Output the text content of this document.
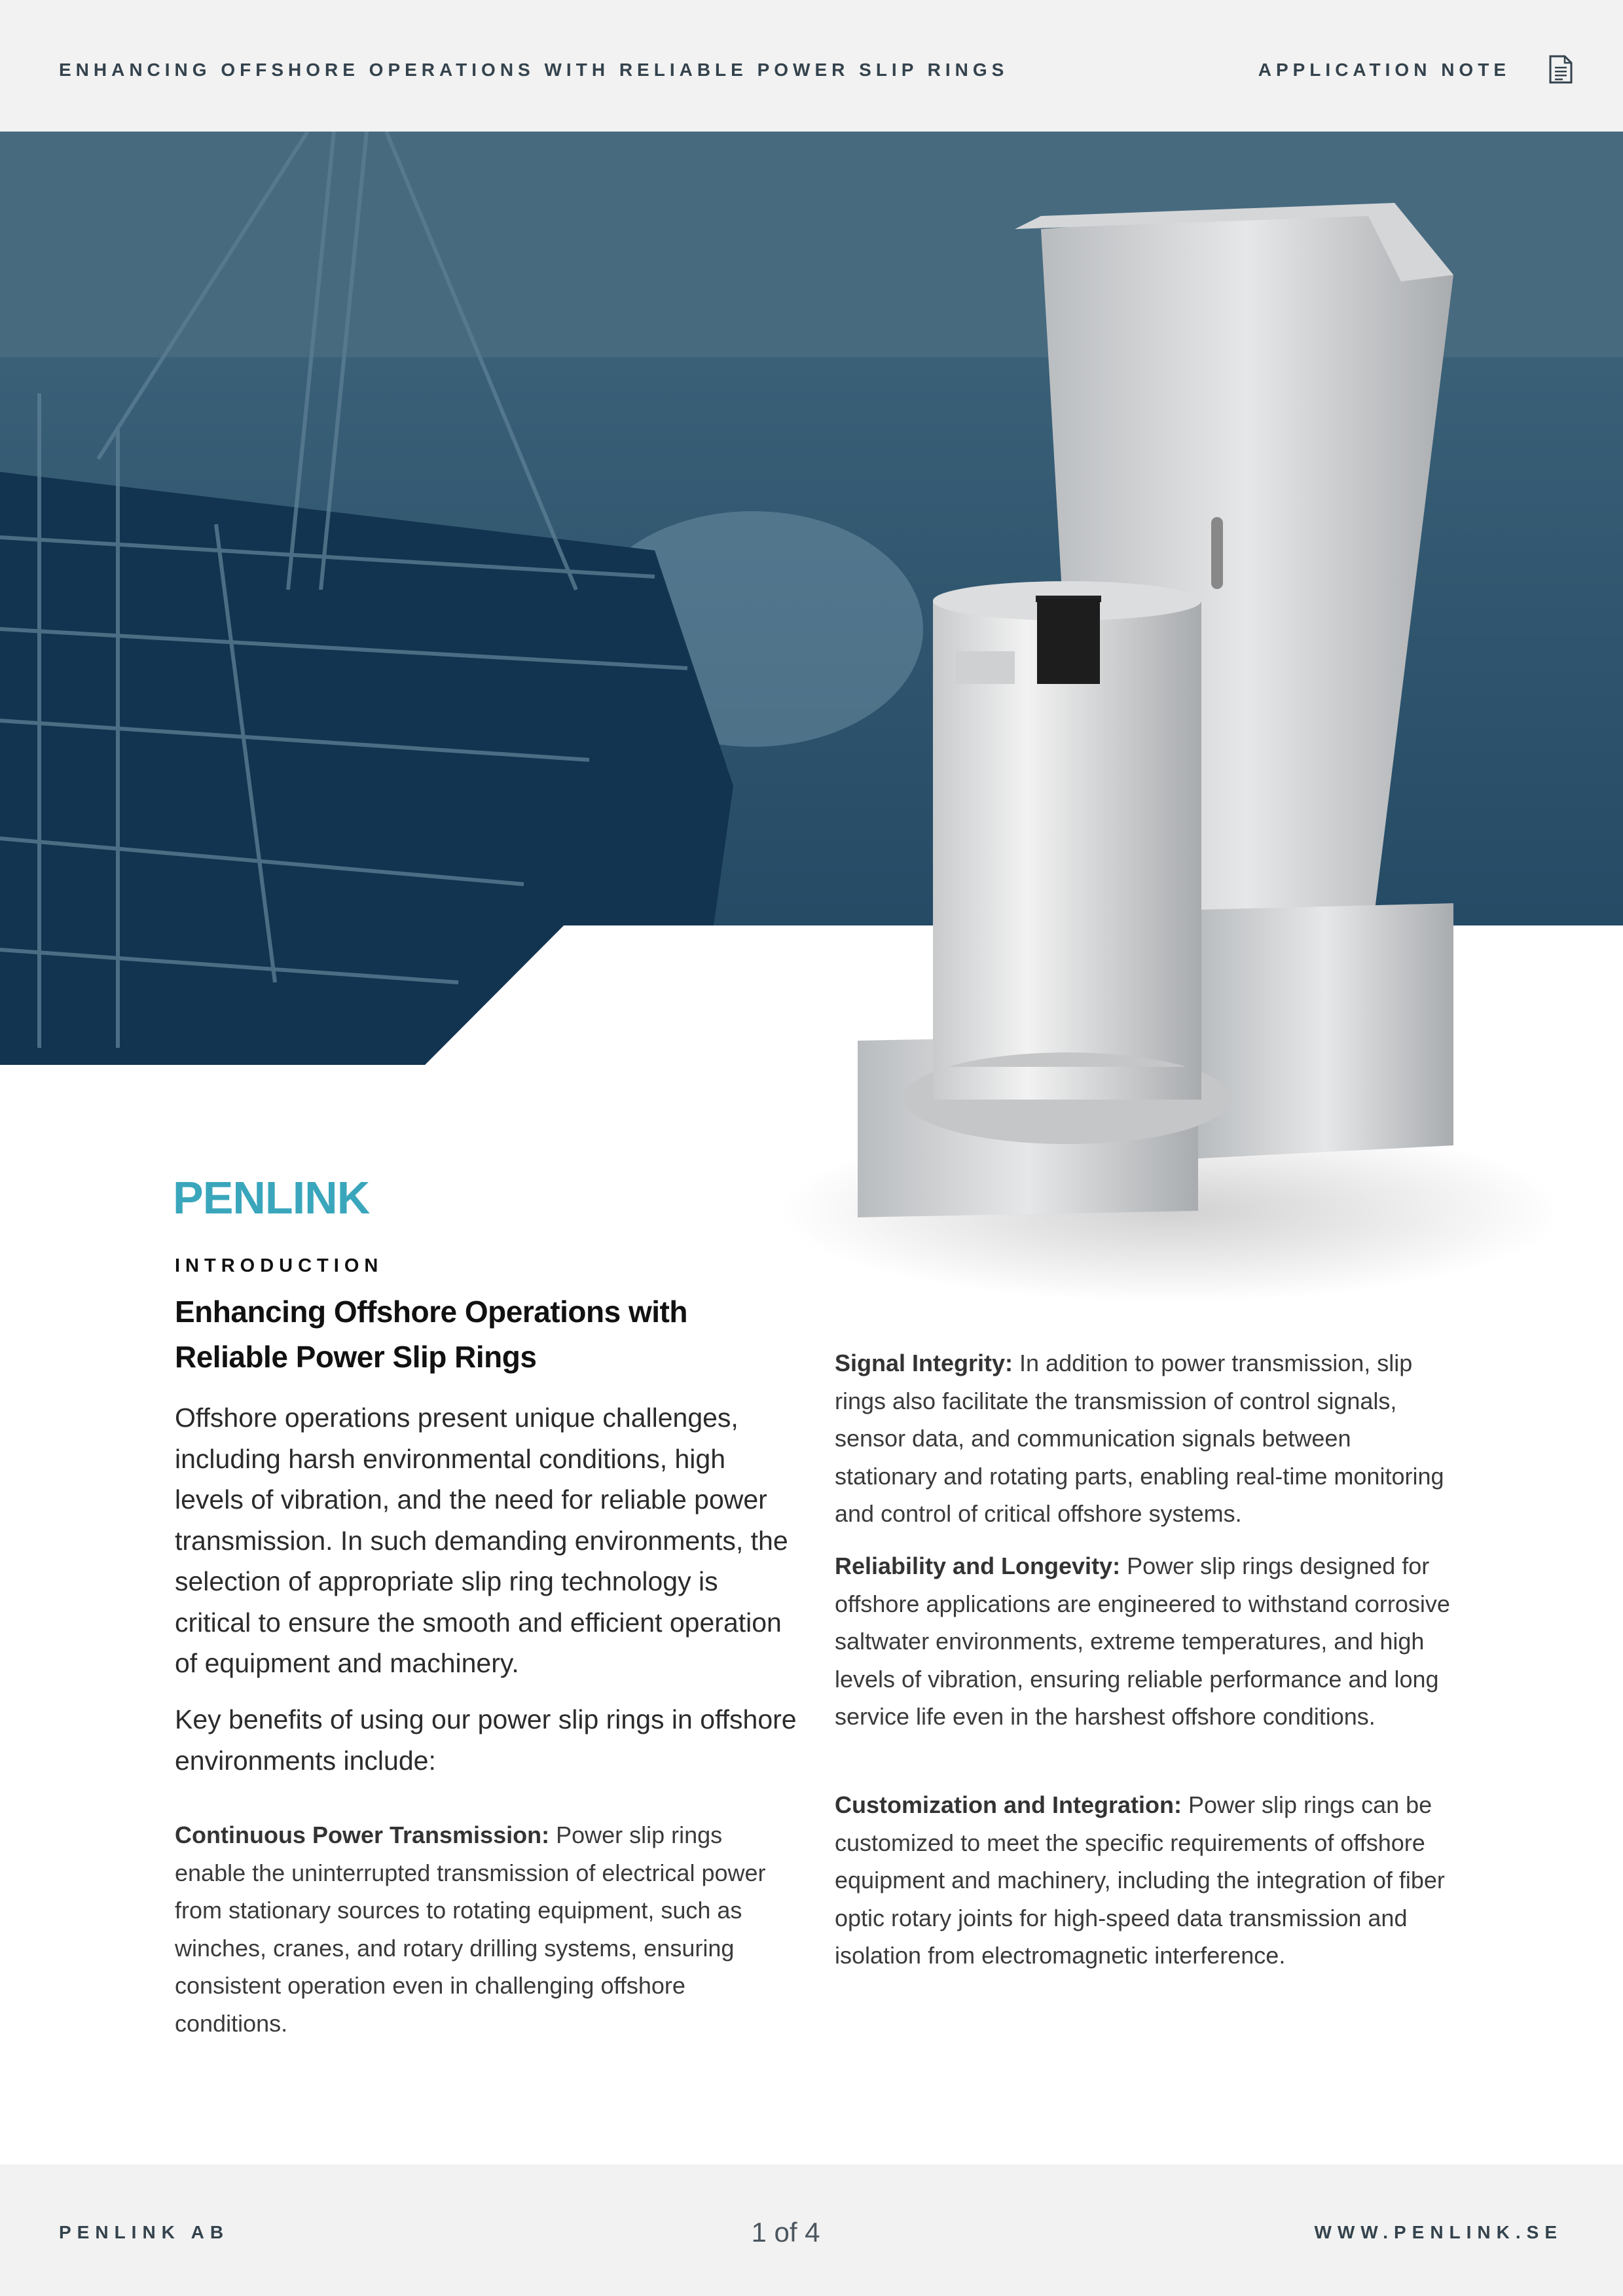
ENHANCING OFFSHORE OPERATIONS WITH RELIABLE POWER SLIP RINGS	APPLICATION NOTE
PENLINK
INTRODUCTION
Enhancing Offshore Operations with Reliable Power Slip Rings

Offshore operations present unique challenges, including harsh environmental conditions, high levels of vibration, and the need for reliable power transmission. In such demanding environments, the selection of appropriate slip ring technology is critical to ensure the smooth and efficient operation of equipment and machinery.

Key benefits of using our power slip rings in offshore environments include:

Continuous Power Transmission: Power slip rings enable the uninterrupted transmission of electrical power from stationary sources to rotating equipment, such as winches, cranes, and rotary drilling systems, ensuring consistent operation even in challenging offshore conditions.

Signal Integrity: In addition to power transmission, slip rings also facilitate the transmission of control signals, sensor data, and communication signals between stationary and rotating parts, enabling real-time monitoring and control of critical offshore systems.

Reliability and Longevity: Power slip rings designed for offshore applications are engineered to withstand corrosive saltwater environments, extreme temperatures, and high levels of vibration, ensuring reliable performance and long service life even in the harshest offshore conditions.

Customization and Integration: Power slip rings can be customized to meet the specific requirements of offshore equipment and machinery, including the integration of fiber optic rotary joints for high-speed data transmission and isolation from electromagnetic interference.

PENLINK AB	1 of 4	WWW.PENLINK.SE
